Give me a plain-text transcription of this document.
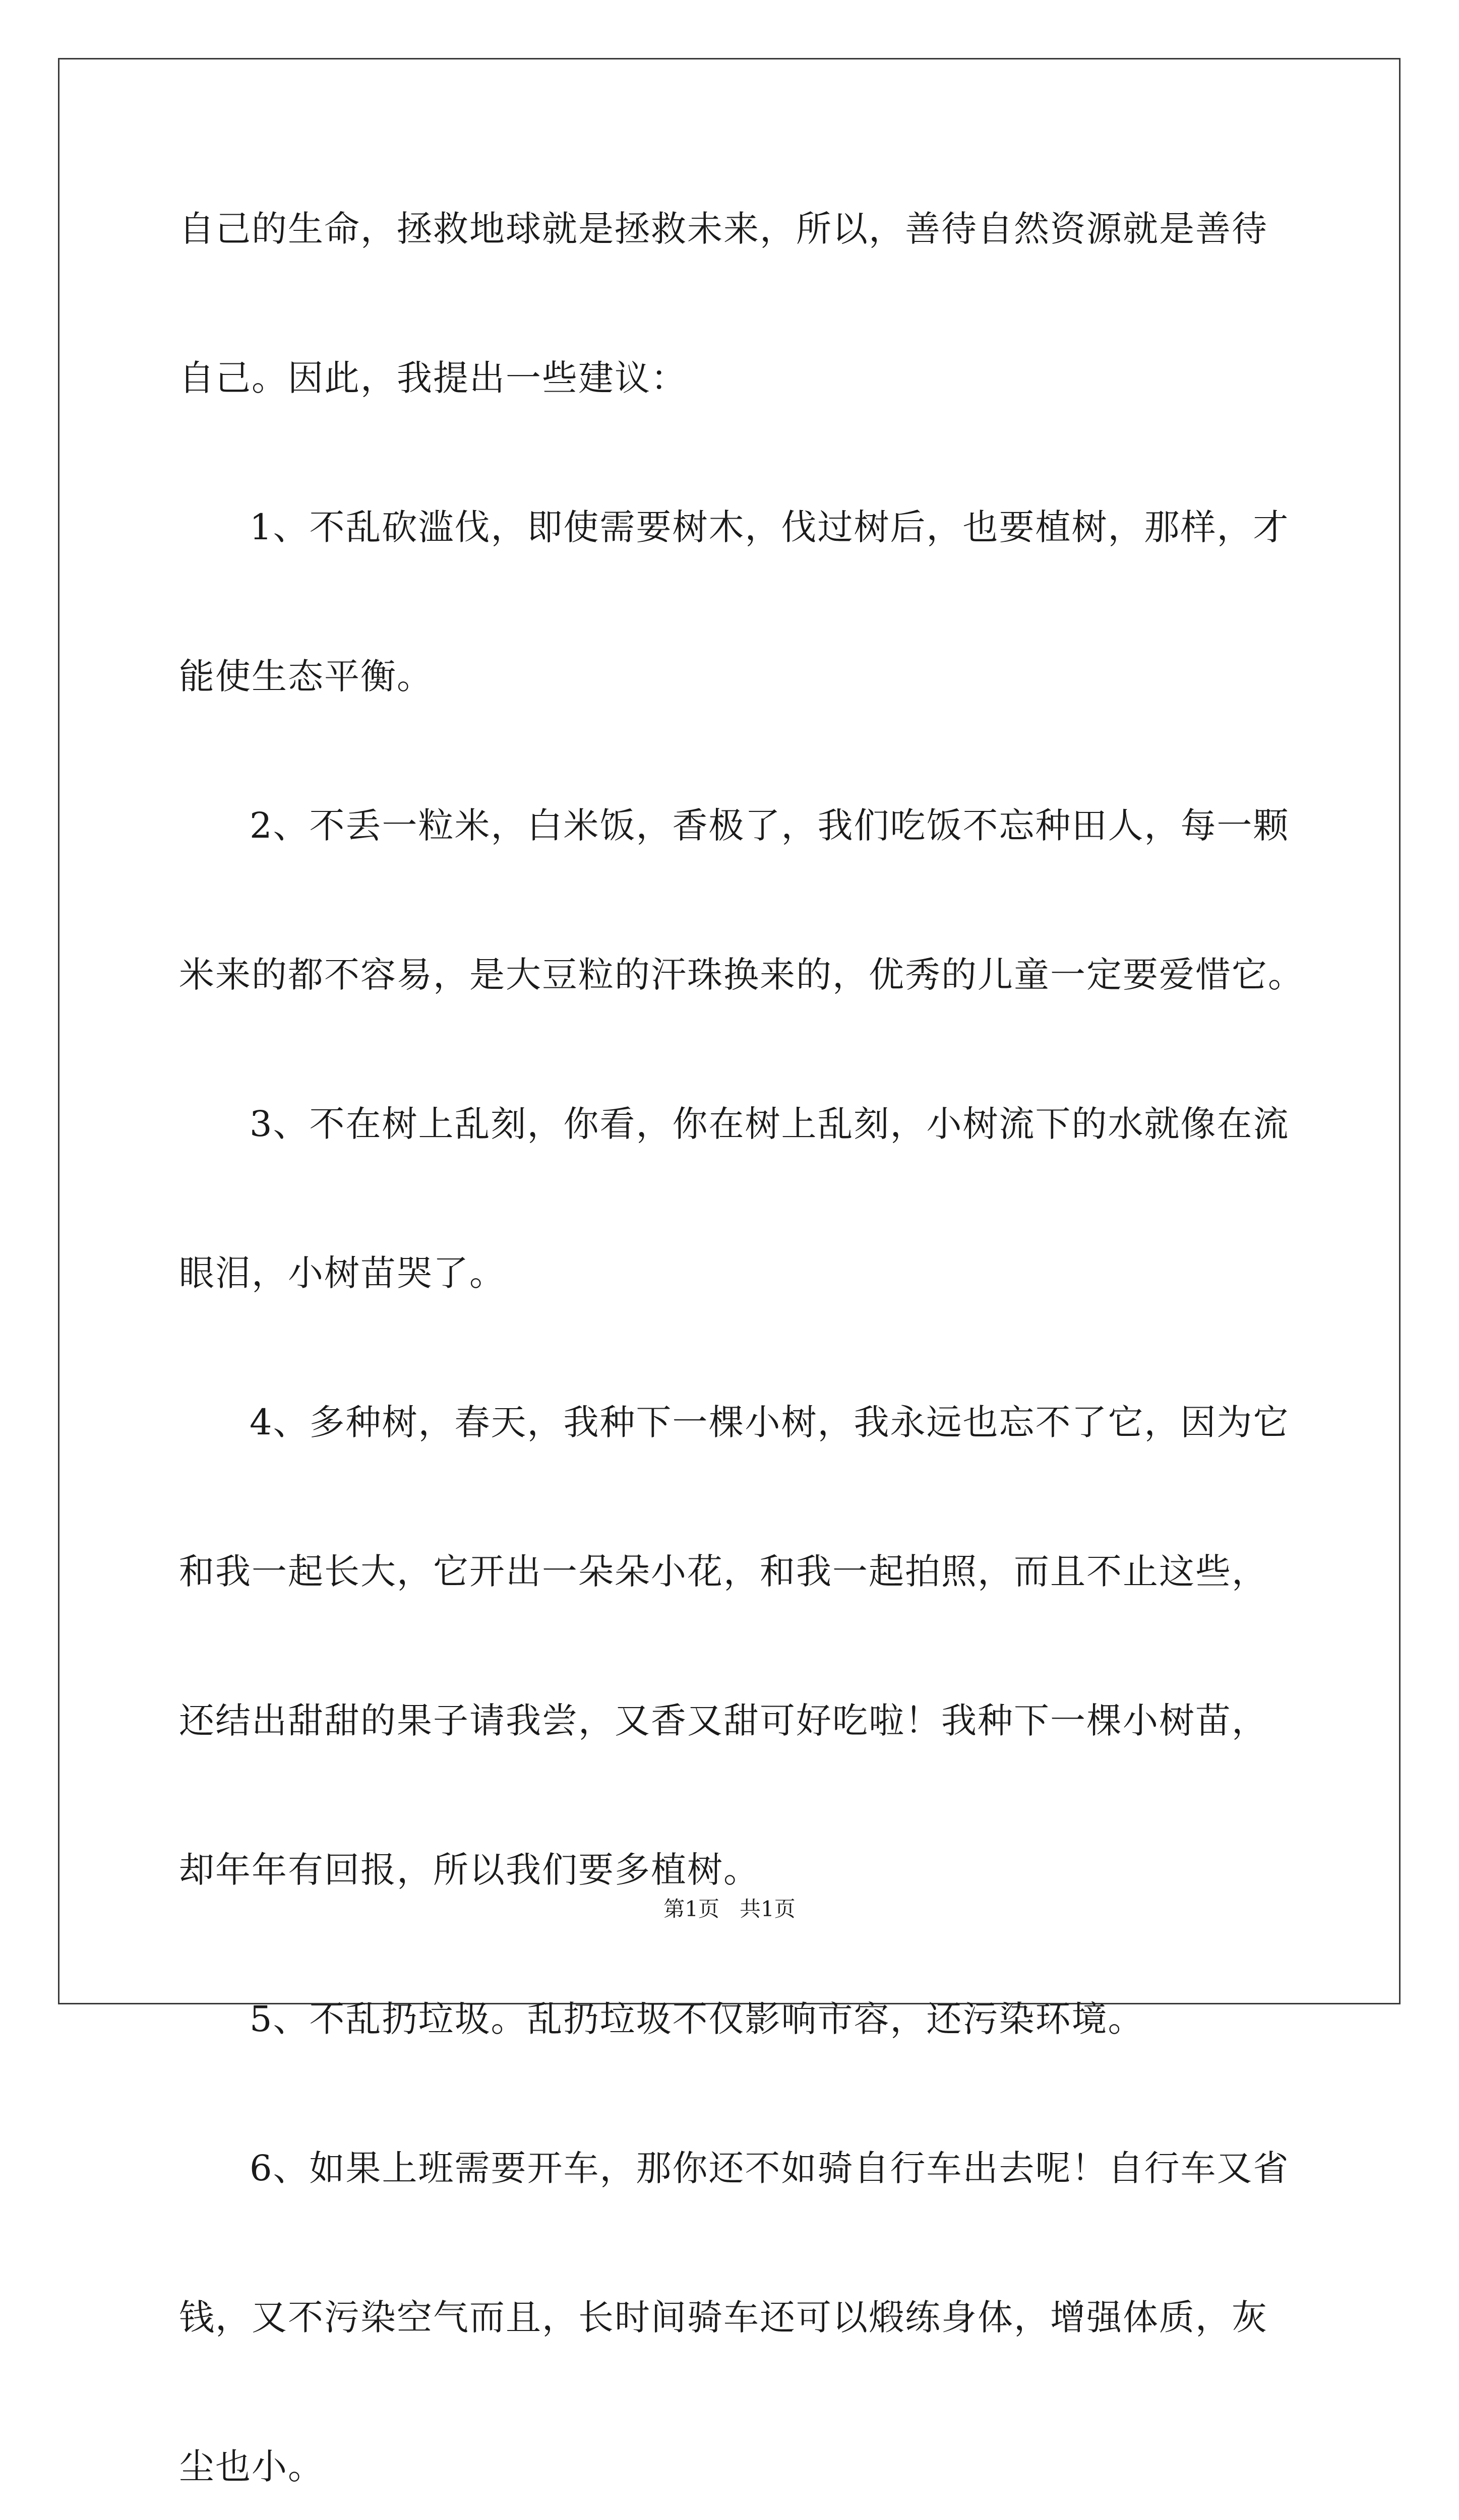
自己的生命，拯救地球就是拯救未来，所以，善待自然资源就是善待
自己。因此，我提出一些建议：
1、不乱砍滥伐，即使需要树木，伐过树后，也要植树，那样，才
能使生态平衡。
2、不丢一粒米，白米饭，香极了，我们吃饭不忘种田人，每一颗
米来的都不容易，是大豆粒的汗珠换来的，优秀的儿童一定要爱惜它。
3、不在树上乱刻，你看，你在树上乱刻，小树流下的水就像在流
眼泪，小树苗哭了。
4、多种树，春天，我种下一棵小树，我永远也忘不了它，因为它
和我一起长大，它开出一朵朵小花，和我一起拍照，而且不止这些，
还结出甜甜的果子请我尝，又香又甜可好吃啦！我种下一棵小树苗，
却年年有回报，所以我们要多植树。
5、不乱扔垃圾。乱扔垃圾不仅影响市容，还污染环境。
6、如果上班需要开车，那你还不如骑自行车出去呢！自行车又省
钱，又不污染空气而且，长时间骑车还可以煅练身体，增强体质，灰
尘也小。
第1页   共1页
